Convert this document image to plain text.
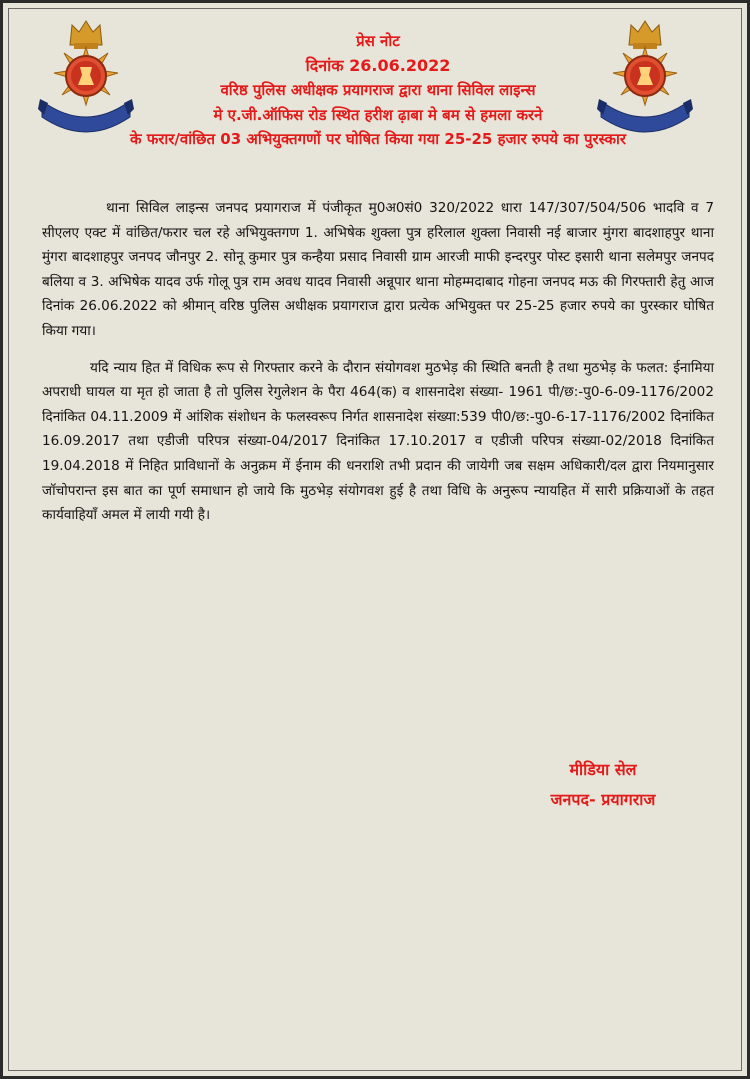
प्रेस नोट
दिनांक 26.06.2022
वरिष्ठ पुलिस अधीक्षक प्रयागराज द्वारा थाना सिविल लाइन्स
मे ए.जी.ऑफिस रोड स्थित हरीश ढ़ाबा मे बम से हमला करने
के फरार/वांछित 03 अभियुक्तगणों पर घोषित किया गया 25-25 हजार रुपये का पुरस्कार

थाना सिविल लाइन्स जनपद प्रयागराज में पंजीकृत मु0अ0सं0 320/2022 धारा 147/307/504/506 भादवि व 7 सीएलए एक्ट में वांछित/फरार चल रहे अभियुक्तगण 1. अभिषेक शुक्ला पुत्र हरिलाल शुक्ला निवासी नई बाजार मुंगरा बादशाहपुर थाना मुंगरा बादशाहपुर जनपद जौनपुर 2. सोनू कुमार पुत्र कन्हैया प्रसाद निवासी ग्राम आरजी माफी इन्दरपुर पोस्ट इसारी थाना सलेमपुर जनपद बलिया व 3. अभिषेक यादव उर्फ गोलू पुत्र राम अवध यादव निवासी अन्नूपार थाना मोहम्मदाबाद गोहना जनपद मऊ की गिरफ्तारी हेतु आज दिनांक 26.06.2022 को श्रीमान् वरिष्ठ पुलिस अधीक्षक प्रयागराज द्वारा प्रत्येक अभियुक्त पर 25-25 हजार रुपये का पुरस्कार घोषित किया गया।

यदि न्याय हित में विधिक रूप से गिरफ्तार करने के दौरान संयोगवश मुठभेड़ की स्थिति बनती है तथा मुठभेड़ के फलत: ईनामिया अपराधी घायल या मृत हो जाता है तो पुलिस रेगुलेशन के पैरा 464(क) व शासनादेश संख्या- 1961 पी/छ:-पु0-6-09-1176/2002 दिनांकित 04.11.2009 में आंशिक संशोधन के फलस्वरूप निर्गत शासनादेश संख्या:539 पी0/छ:-पु0-6-17-1176/2002 दिनांकित 16.09.2017 तथा एडीजी परिपत्र संख्या-04/2017 दिनांकित 17.10.2017 व एडीजी परिपत्र संख्या-02/2018 दिनांकित 19.04.2018 में निहित प्राविधानों के अनुक्रम में ईनाम की धनराशि तभी प्रदान की जायेगी जब सक्षम अधिकारी/दल द्वारा नियमानुसार जॉचोपरान्त इस बात का पूर्ण समाधान हो जाये कि मुठभेड़ संयोगवश हुई है तथा विधि के अनुरूप न्यायहित में सारी प्रक्रियाओं के तहत कार्यवाहियॉं अमल में लायी गयी है।

मीडिया सेल
जनपद- प्रयागराज
